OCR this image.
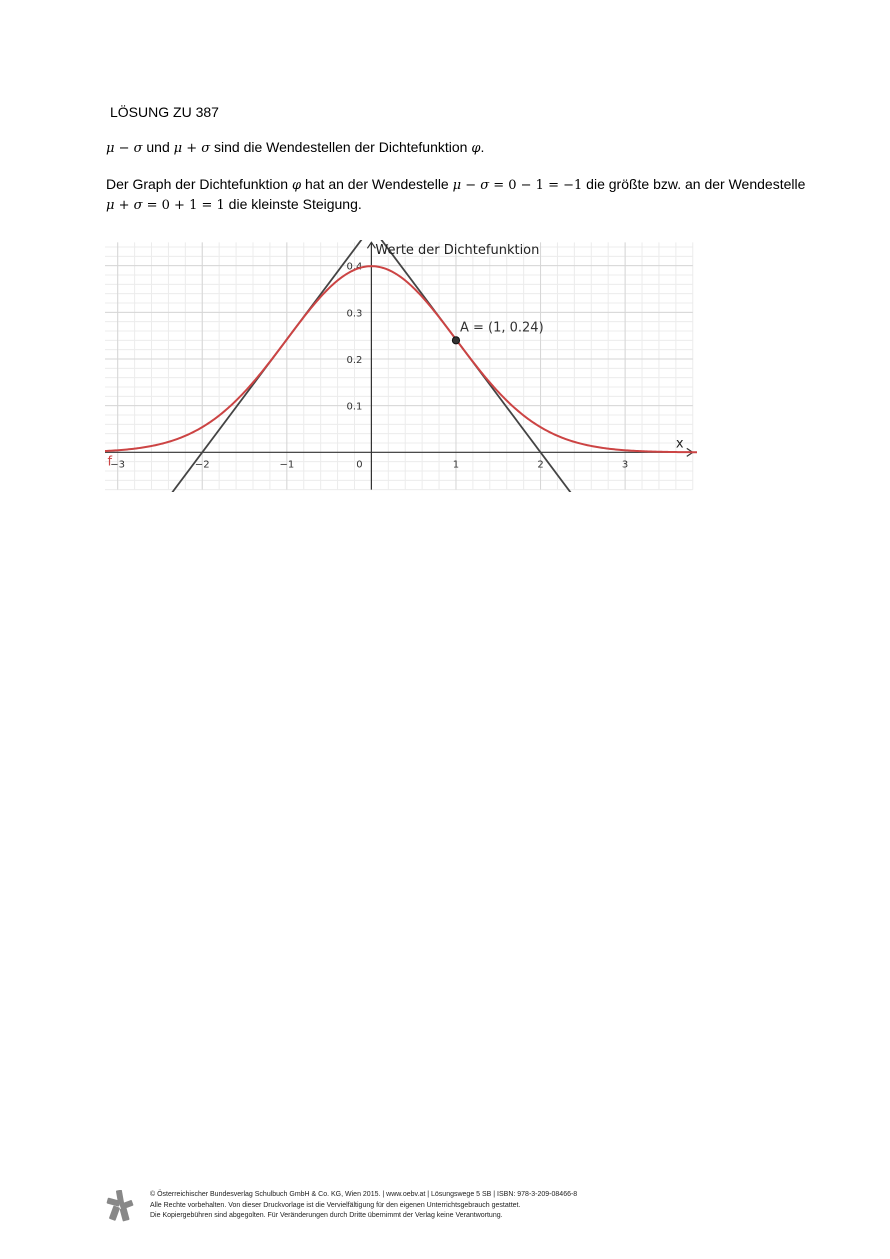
LÖSUNG ZU 387
μ − σ und μ + σ sind die Wendestellen der Dichtefunktion φ.
Der Graph der Dichtefunktion φ hat an der Wendestelle μ − σ = 0 − 1 = −1 die größte bzw. an der Wendestelle μ + σ = 0 + 1 = 1 die kleinste Steigung.
−3	−2	−1	0	1	2	3
0.1
0.2
0.3
0.4
A = (1, 0.24)
Werte der Dichtefunktion
x
f
© Österreichischer Bundesverlag Schulbuch GmbH & Co. KG, Wien 2015. | www.oebv.at | Lösungswege 5 SB | ISBN: 978-3-209-08466-8
Alle Rechte vorbehalten. Von dieser Druckvorlage ist die Vervielfältigung für den eigenen Unterrichtsgebrauch gestattet.
Die Kopiergebühren sind abgegolten. Für Veränderungen durch Dritte übernimmt der Verlag keine Verantwortung.
